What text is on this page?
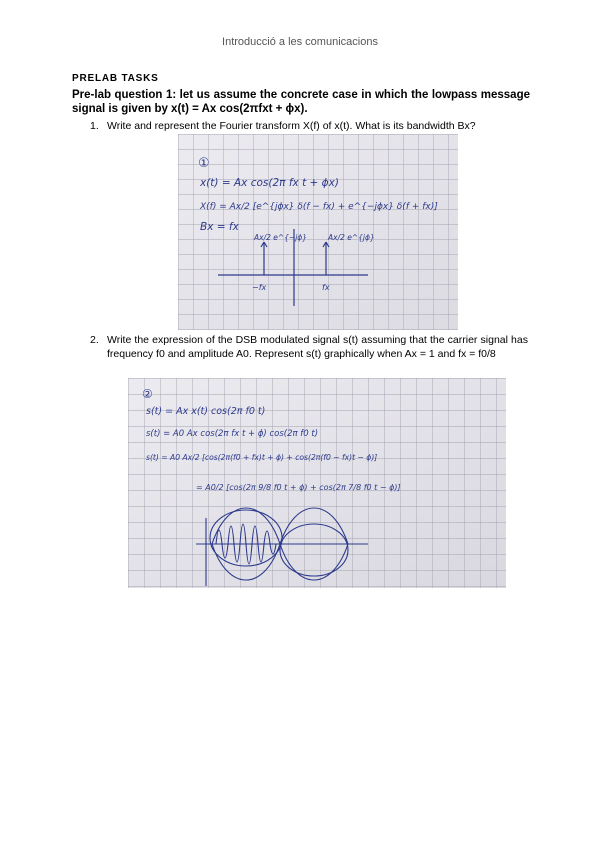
Introducció a les comunicacions
PRELAB TASKS
Pre-lab question 1: let us assume the concrete case in which the lowpass message signal is given by x(t) = Ax cos(2πfxt + ϕx).
1. Write and represent the Fourier transform X(f) of x(t). What is its bandwidth Bx?
①
x(t) = Ax cos(2π fx t + ϕx)
X(f) = Ax/2 [e^{jϕx} δ(f − fx) + e^{−jϕx} δ(f + fx)]
Bx = fx
Ax/2 e^{−jϕ}	Ax/2 e^{jϕ}
−fx	fx
2. Write the expression of the DSB modulated signal s(t) assuming that the carrier signal has frequency f0 and amplitude A0. Represent s(t) graphically when Ax = 1 and fx = f0/8
②
s(t) = Ax x(t) cos(2π f0 t)
s(t) = A0 Ax cos(2π fx t + ϕ) cos(2π f0 t)
s(t) = A0 Ax/2 [cos(2π(f0 + fx)t + ϕ) + cos(2π(f0 − fx)t − ϕ)]
= A0/2 [cos(2π 9/8 f0 t + ϕ) + cos(2π 7/8 f0 t − ϕ)]
